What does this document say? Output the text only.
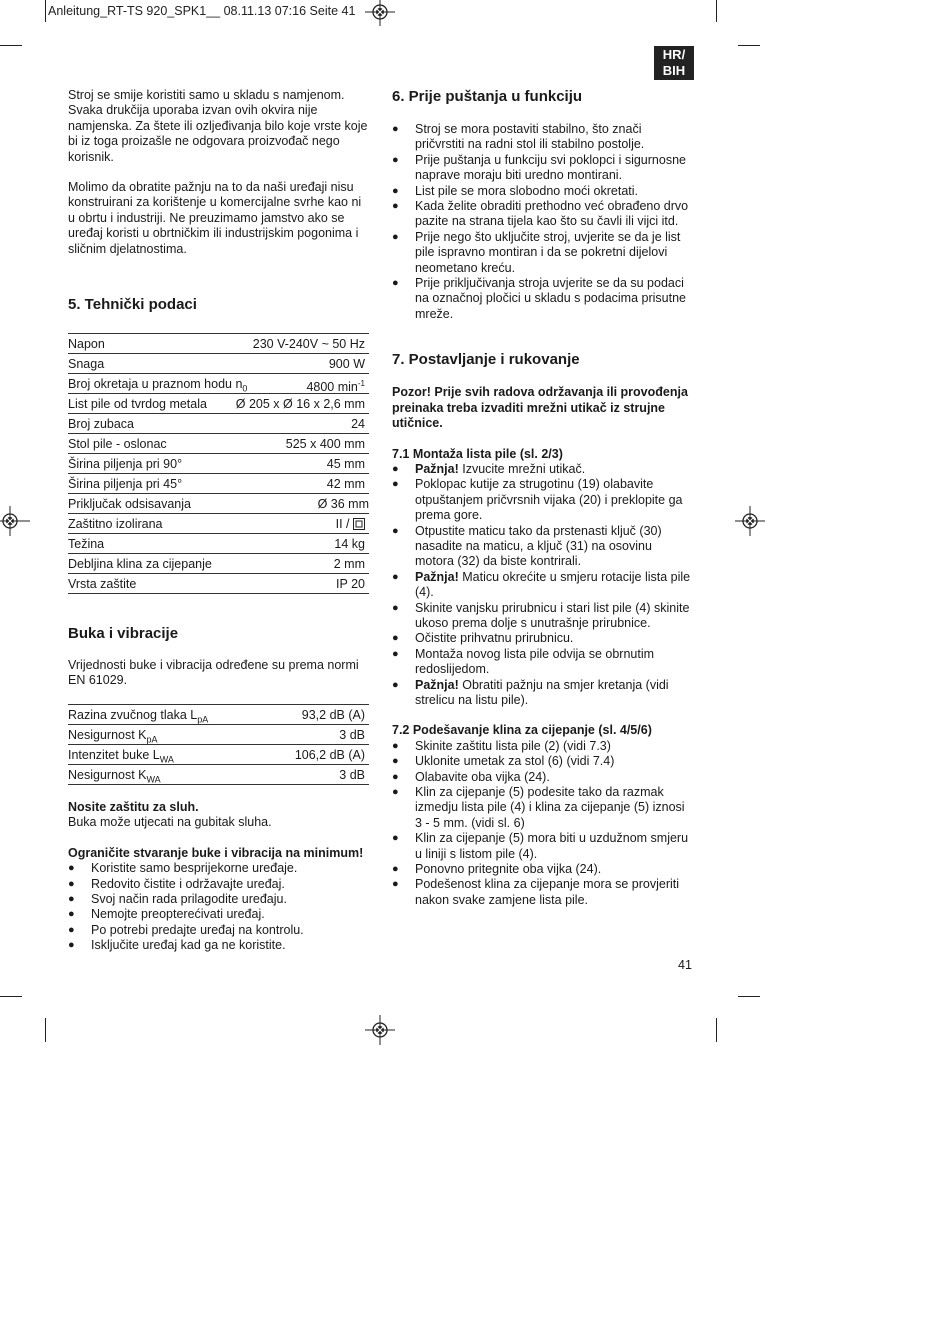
Anleitung_RT-TS 920_SPK1__ 08.11.13 07:16 Seite 41
HR/
BIH

Stroj se smije koristiti samo u skladu s namjenom. Svaka drukčija uporaba izvan ovih okvira nije namjenska. Za štete ili ozljeđivanja bilo koje vrste koje bi iz toga proizašle ne odgovara proizvođač nego korisnik.

Molimo da obratite pažnju na to da naši uređaji nisu konstruirani za korištenje u komercijalne svrhe kao ni u obrtu i industriji. Ne preuzimamo jamstvo ako se uređaj koristi u obrtničkim ili industrijskim pogonima i sličnim djelatnostima.

5. Tehnički podaci
Napon	230 V-240V ~ 50 Hz
Snaga	900 W
Broj okretaja u praznom hodu $n_0$	4800 $\min^{-1}$
List pile od tvrdog metala Ø 205 x Ø 16 x 2,6 mm
Broj zubaca	24
Stol pile - oslonac	525 x 400 mm
Širina piljenja pri 90°	45 mm
Širina piljenja pri 45°	42 mm
Priključak odsisavanja	Ø 36 mm
Zaštitno izolirana	II /
Težina	14 kg
Debljina klina za cijepanje	2 mm
Vrsta zaštite	IP 20
Buka i vibracije

Vrijednosti buke i vibracija određene su prema normi EN 61029.

Razina zvučnog tlaka $L_{pA}$	93,2 dB (A)
Nesigurnost $K_{pA}$	3 dB
Intenzitet buke $L_{WA}$	106,2 dB (A)
Nesigurnost $K_{WA}$	3 dB

Nosite zaštitu za sluh.

Buka može utjecati na gubitak sluha.

Ograničite stvaranje buke i vibracija na minimum!

● Koristite samo besprijekorne uređaje.
● Redovito čistite i održavajte uređaj.
● Svoj način rada prilagodite uređaju.
● Nemojte preopterećivati uređaj.
● Po potrebi predajte uređaj na kontrolu.
● Isključite uređaj kad ga ne koristite.
6. Prije puštanja u funkciju
● Stroj se mora postaviti stabilno, što znači pričvrstiti na radni stol ili stabilno postolje.
● Prije puštanja u funkciju svi poklopci i sigurnosne naprave moraju biti uredno montirani.
● List pile se mora slobodno moći okretati.
● Kada želite obraditi prethodno već obrađeno drvo pazite na strana tijela kao što su čavli ili vijci itd.
● Prije nego što uključite stroj, uvjerite se da je list pile ispravno montiran i da se pokretni dijelovi neometano kreću.
● Prije priključivanja stroja uvjerite se da su podaci na označnoj pločici u skladu s podacima prisutne mreže.
7. Postavljanje i rukovanje

Pozor! Prije svih radova održavanja ili provođenja preinaka treba izvaditi mrežni utikač iz strujne utičnice.

7.1 Montaža lista pile (sl. 2/3)

● Pažnja! Izvucite mrežni utikač.
● Poklopac kutije za strugotinu (19) olabavite otpuštanjem pričvrsnih vijaka (20) i preklopite ga prema gore.
● Otpustite maticu tako da prstenasti ključ (30) nasadite na maticu, a ključ (31) na osovinu motora (32) da biste kontrirali.
● Pažnja! Maticu okrećite u smjeru rotacije lista pile (4).
● Skinite vanjsku prirubnicu i stari list pile (4) skinite ukoso prema dolje s unutrašnje prirubnice.
● Očistite prihvatnu prirubnicu.
● Montaža novog lista pile odvija se obrnutim redoslijedom.
● Pažnja! Obratiti pažnju na smjer kretanja (vidi strelicu na listu pile).

7.2 Podešavanje klina za cijepanje (sl. 4/5/6)

● Skinite zaštitu lista pile (2) (vidi 7.3)
● Uklonite umetak za stol (6) (vidi 7.4)
● Olabavite oba vijka (24).
● Klin za cijepanje (5) podesite tako da razmak izmedju lista pile (4) i klina za cijepanje (5) iznosi 3 - 5 mm. (vidi sl. 6)
● Klin za cijepanje (5) mora biti u uzdužnom smjeru u liniji s listom pile (4).
● Ponovno pritegnite oba vijka (24).
● Podešenost klina za cijepanje mora se provjeriti nakon svake zamjene lista pile.
41
